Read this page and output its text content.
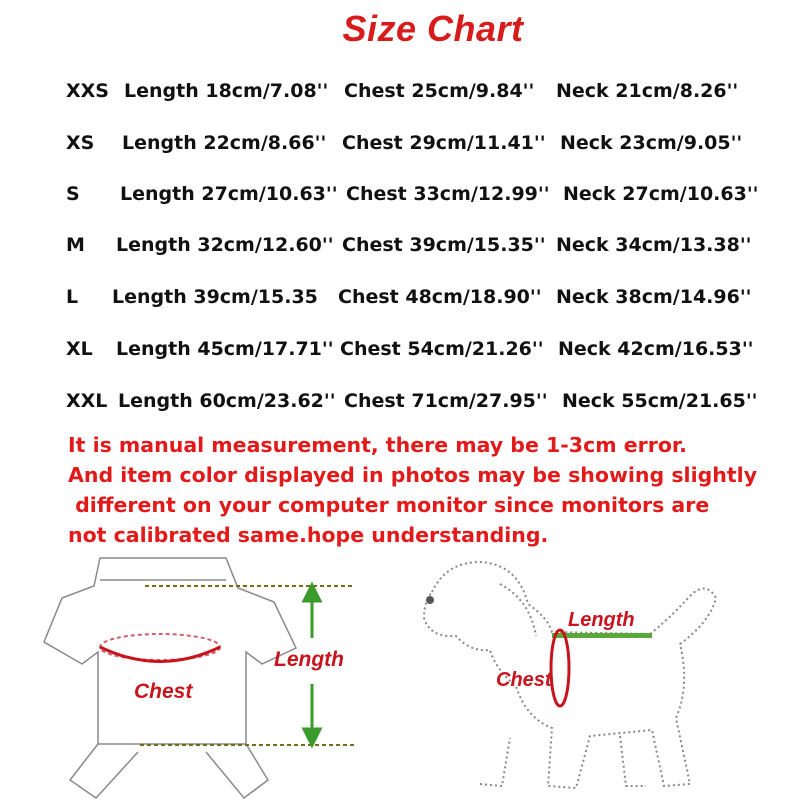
Size Chart
XXS Length 18cm/7.08'' Chest 25cm/9.84'' Neck 21cm/8.26''
XS Length 22cm/8.66'' Chest 29cm/11.41'' Neck 23cm/9.05''
S Length 27cm/10.63'' Chest 33cm/12.99'' Neck 27cm/10.63''
M Length 32cm/12.60'' Chest 39cm/15.35'' Neck 34cm/13.38''
L Length 39cm/15.35 Chest 48cm/18.90'' Neck 38cm/14.96''
XL Length 45cm/17.71'' Chest 54cm/21.26'' Neck 42cm/16.53''
XXL Length 60cm/23.62'' Chest 71cm/27.95'' Neck 55cm/21.65''
It is manual measurement, there may be 1-3cm error.
And item color displayed in photos may be showing slightly
different on your computer monitor since monitors are
not calibrated same.hope understanding.
Chest
Length
Length
Chest
